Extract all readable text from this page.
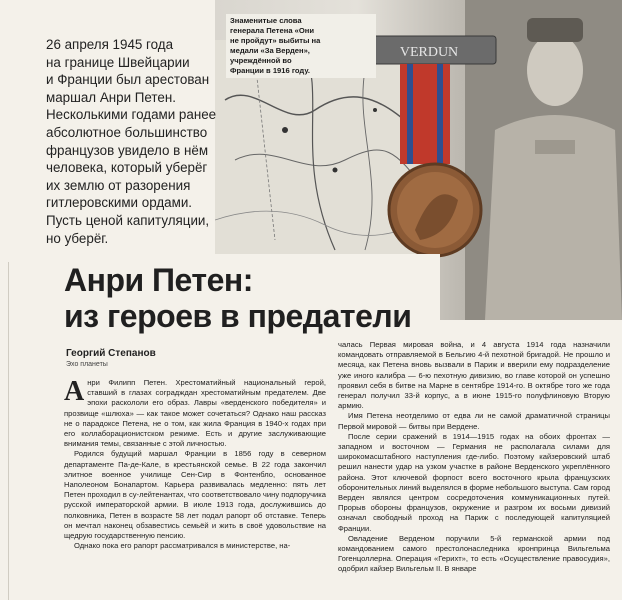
VERDUN
Знаменитые слова
генерала Петена «Они
не пройдут» выбиты на
медали «За Верден»,
учреждённой во
Франции в 1916 году.
26 апреля 1945 года
на границе Швейцарии
и Франции был арестован
маршал Анри Петен.
Несколькими годами ранее
абсолютное большинство
французов увидело в нём
человека, который уберёг
их землю от разорения
гитлеровскими ордами.
Пусть ценой капитуляции,
но уберёг.
Анри Петен:
из героев в предатели
Георгий Степанов
Эхо планеты

Анри Филипп Петен. Хрестоматийный национальный герой, ставший в глазах соградждан хрестоматийным предателем. Две эпохи раскололи его образ. Лавры «верденского победителя» и прозвище «шлюха» — как такое может сочетаться? Однако наш рассказ не о парадоксе Петена, не о том, как жила Франция в 1940-х годах при его коллаборационистском режиме. Есть и другие заслуживающие внимания темы, связанные с этой личностью.

Родился будущий маршал Франции в 1856 году в северном департаменте Па-де-Кале, в крестьянской семье. В 22 года закончил элитное военное училище Сен-Сир в Фонтенбло, основанное Наполеоном Бонапартом. Карьера развивалась медленно: пять лет Петен проходил в су-лейтенантах, что соответствовало чину подпоручика русской императорской армии. В июле 1913 года, дослужившись до полковника, Петен в возрасте 58 лет подал рапорт об отставке. Теперь он мечтал наконец обзавестись семьёй и жить в своё удовольствие на щедрую государственную пенсию.

Однако пока его рапорт рассматривался в министерстве, на-

чалась Первая мировая война, и 4 августа 1914 года назначили командовать отправляемой в Бельгию 4-й пехотной бригадой. Не прошло и месяца, как Петена вновь вызвали в Париж и вверили ему подразделение уже иного калибра — 6-ю пехотную дивизию, во главе которой он успешно проявил себя в битве на Марне в сентябре 1914-го. В октябре того же года генерал получил 33-й корпус, а в июне 1915-го полуфлиновую Вторую армию.

Имя Петена неотделимо от едва ли не самой драматичной страницы Первой мировой — битвы при Вердене.

После серии сражений в 1914—1915 годах на обоих фронтах — западном и восточном — Германия не располагала силами для широкомасштабного наступления где-либо. Поэтому кайзеровский штаб решил нанести удар на узком участке в районе Верденского укреплённого района. Этот ключевой форпост всего восточного крыла французских оборонительных линий выделялся в форме небольшого выступа. Сам город Верден являлся центром сосредоточения коммуникационных путей. Прорыв обороны французов, окружение и разгром их восьми дивизий означал свободный проход на Париж с последующей капитуляцией Франции.

Овладение Верденом поручили 5-й германской армии под командованием самого престолонаследника кронпринца Вильгельма Гогенцоллерна. Операция «Герихт», то есть «Осуществление правосудия», одобрил кайзер Вильгельм II. В январе
